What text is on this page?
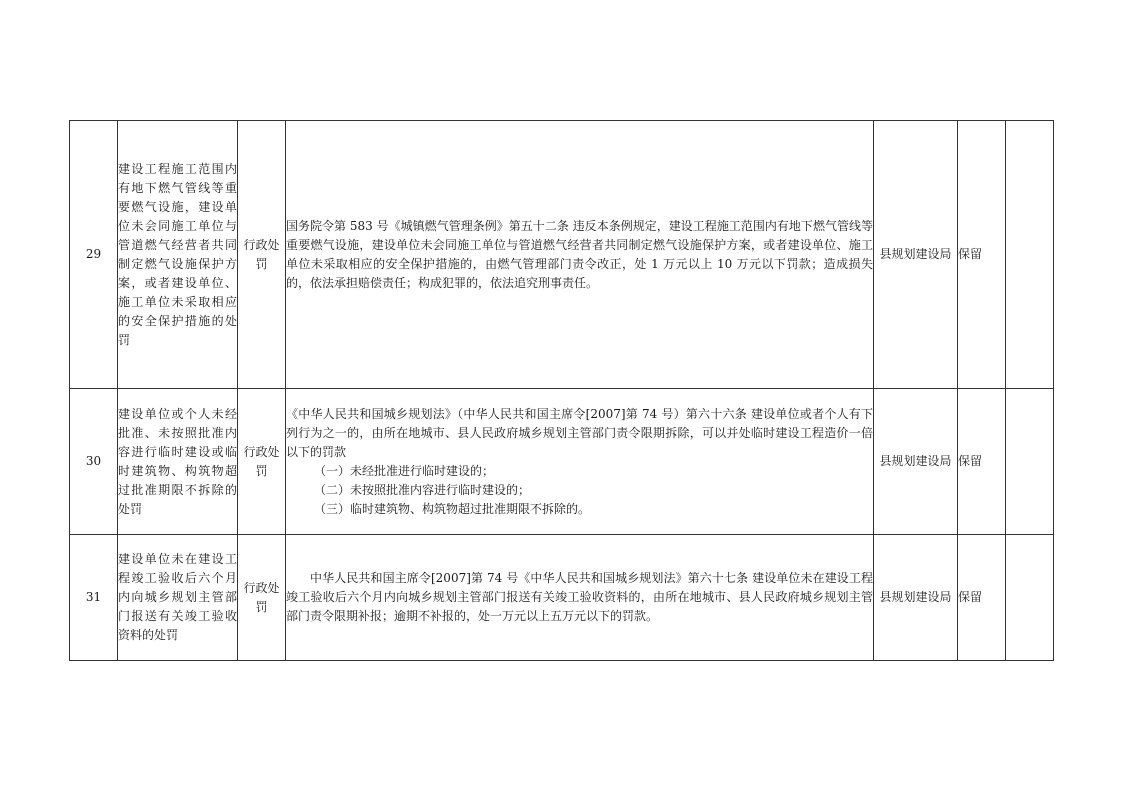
29	建设工程施工范围内有地下燃气管线等重要燃气设施，建设单位未会同施工单位与管道燃气经营者共同制定燃气设施保护方案，或者建设单位、施工单位未采取相应的安全保护措施的处罚	行政处罚	国务院令第 583 号《城镇燃气管理条例》第五十二条 违反本条例规定，建设工程施工范围内有地下燃气管线等重要燃气设施，建设单位未会同施工单位与管道燃气经营者共同制定燃气设施保护方案，或者建设单位、施工单位未采取相应的安全保护措施的，由燃气管理部门责令改正，处 1 万元以上 10 万元以下罚款；造成损失的，依法承担赔偿责任；构成犯罪的，依法追究刑事责任。	县规划建设局	保留	
30	建设单位或个人未经批准、未按照批准内容进行临时建设或临时建筑物、构筑物超过批准期限不拆除的处罚	行政处罚	《中华人民共和国城乡规划法》（中华人民共和国主席令[2007]第 74 号）第六十六条 建设单位或者个人有下列行为之一的，由所在地城市、县人民政府城乡规划主管部门责令限期拆除，可以并处临时建设工程造价一倍以下的罚款
（一）未经批准进行临时建设的；
（二）未按照批准内容进行临时建设的；
（三）临时建筑物、构筑物超过批准期限不拆除的。	县规划建设局	保留	
31	建设单位未在建设工程竣工验收后六个月内向城乡规划主管部门报送有关竣工验收资料的处罚	行政处罚	中华人民共和国主席令[2007]第 74 号《中华人民共和国城乡规划法》第六十七条 建设单位未在建设工程竣工验收后六个月内向城乡规划主管部门报送有关竣工验收资料的，由所在地城市、县人民政府城乡规划主管部门责令限期补报；逾期不补报的，处一万元以上五万元以下的罚款。	县规划建设局	保留	
